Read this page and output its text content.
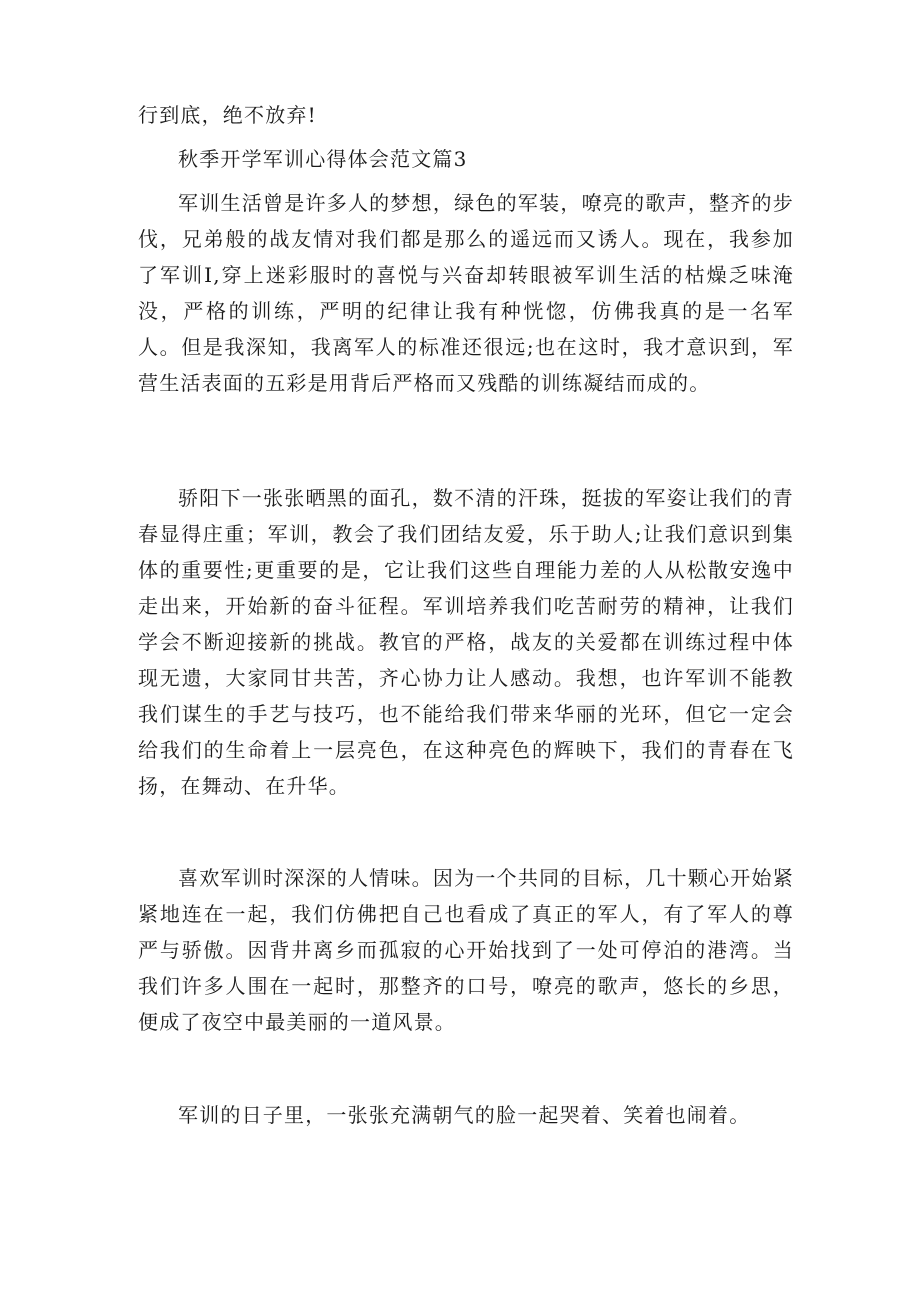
行到底，绝不放弃!

秋季开学军训心得体会范文篇3

军训生活曾是许多人的梦想，绿色的军装，嘹亮的歌声，整齐的步伐，兄弟般的战友情对我们都是那么的遥远而又诱人。现在，我参加了军训I,穿上迷彩服时的喜悦与兴奋却转眼被军训生活的枯燥乏味淹没，严格的训练，严明的纪律让我有种恍惚，仿佛我真的是一名军人。但是我深知，我离军人的标准还很远;也在这时，我才意识到，军营生活表面的五彩是用背后严格而又残酷的训练凝结而成的。

骄阳下一张张晒黑的面孔，数不清的汗珠，挺拔的军姿让我们的青春显得庄重；军训，教会了我们团结友爱，乐于助人;让我们意识到集体的重要性;更重要的是，它让我们这些自理能力差的人从松散安逸中走出来，开始新的奋斗征程。军训培养我们吃苦耐劳的精神，让我们学会不断迎接新的挑战。教官的严格，战友的关爱都在训练过程中体现无遗，大家同甘共苦，齐心协力让人感动。我想，也许军训不能教我们谋生的手艺与技巧，也不能给我们带来华丽的光环，但它一定会给我们的生命着上一层亮色，在这种亮色的辉映下，我们的青春在飞扬，在舞动、在升华。

喜欢军训时深深的人情味。因为一个共同的目标，几十颗心开始紧紧地连在一起，我们仿佛把自己也看成了真正的军人，有了军人的尊严与骄傲。因背井离乡而孤寂的心开始找到了一处可停泊的港湾。当我们许多人围在一起时，那整齐的口号，嘹亮的歌声，悠长的乡思，便成了夜空中最美丽的一道风景。

军训的日子里，一张张充满朝气的脸一起哭着、笑着也闹着。
